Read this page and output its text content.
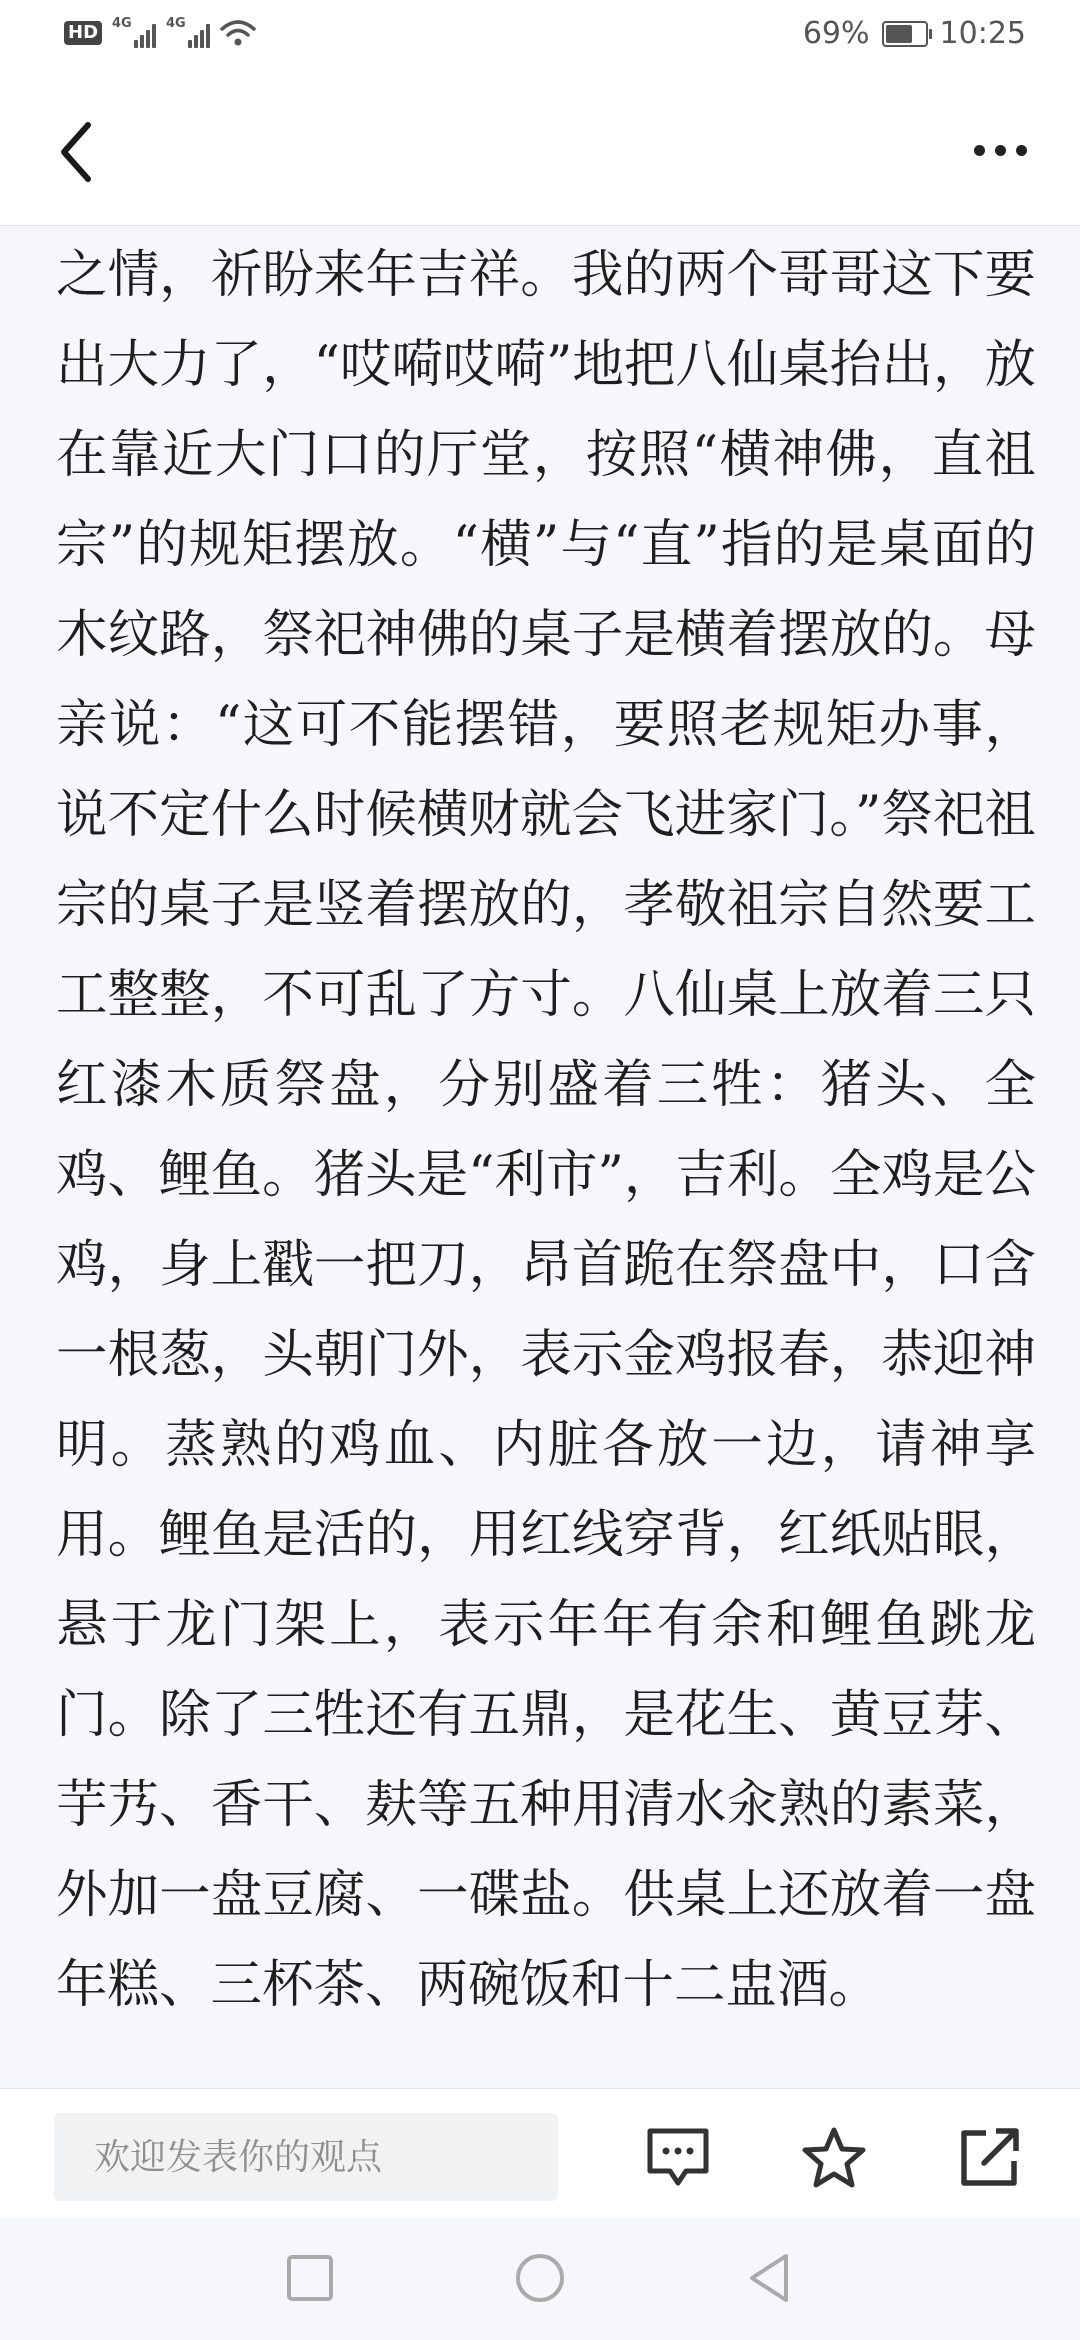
HD	4G	4G	69% 10:25

之情，祈盼来年吉祥。我的两个哥哥这下要出大力了，“哎嗬哎嗬”地把八仙桌抬出，放在靠近大门口的厅堂，按照“横神佛，直祖宗”的规矩摆放。“横”与“直”指的是桌面的木纹路，祭祀神佛的桌子是横着摆放的。母亲说：“这可不能摆错，要照老规矩办事，说不定什么时候横财就会飞进家门。”祭祀祖宗的桌子是竖着摆放的，孝敬祖宗自然要工工整整，不可乱了方寸。八仙桌上放着三只红漆木质祭盘，分别盛着三牲：猪头、全鸡、鲤鱼。猪头是“利市”，吉利。全鸡是公鸡，身上戳一把刀，昂首跪在祭盘中，口含一根葱，头朝门外，表示金鸡报春，恭迎神明。蒸熟的鸡血、内脏各放一边，请神享用。鲤鱼是活的，用红线穿背，红纸贴眼，悬于龙门架上，表示年年有余和鲤鱼跳龙门。除了三牲还有五鼎，是花生、黄豆芽、芋艿、香干、麸等五种用清水汆熟的素菜，外加一盘豆腐、一碟盐。供桌上还放着一盘年糕、三杯茶、两碗饭和十二盅酒。

欢迎发表你的观点
